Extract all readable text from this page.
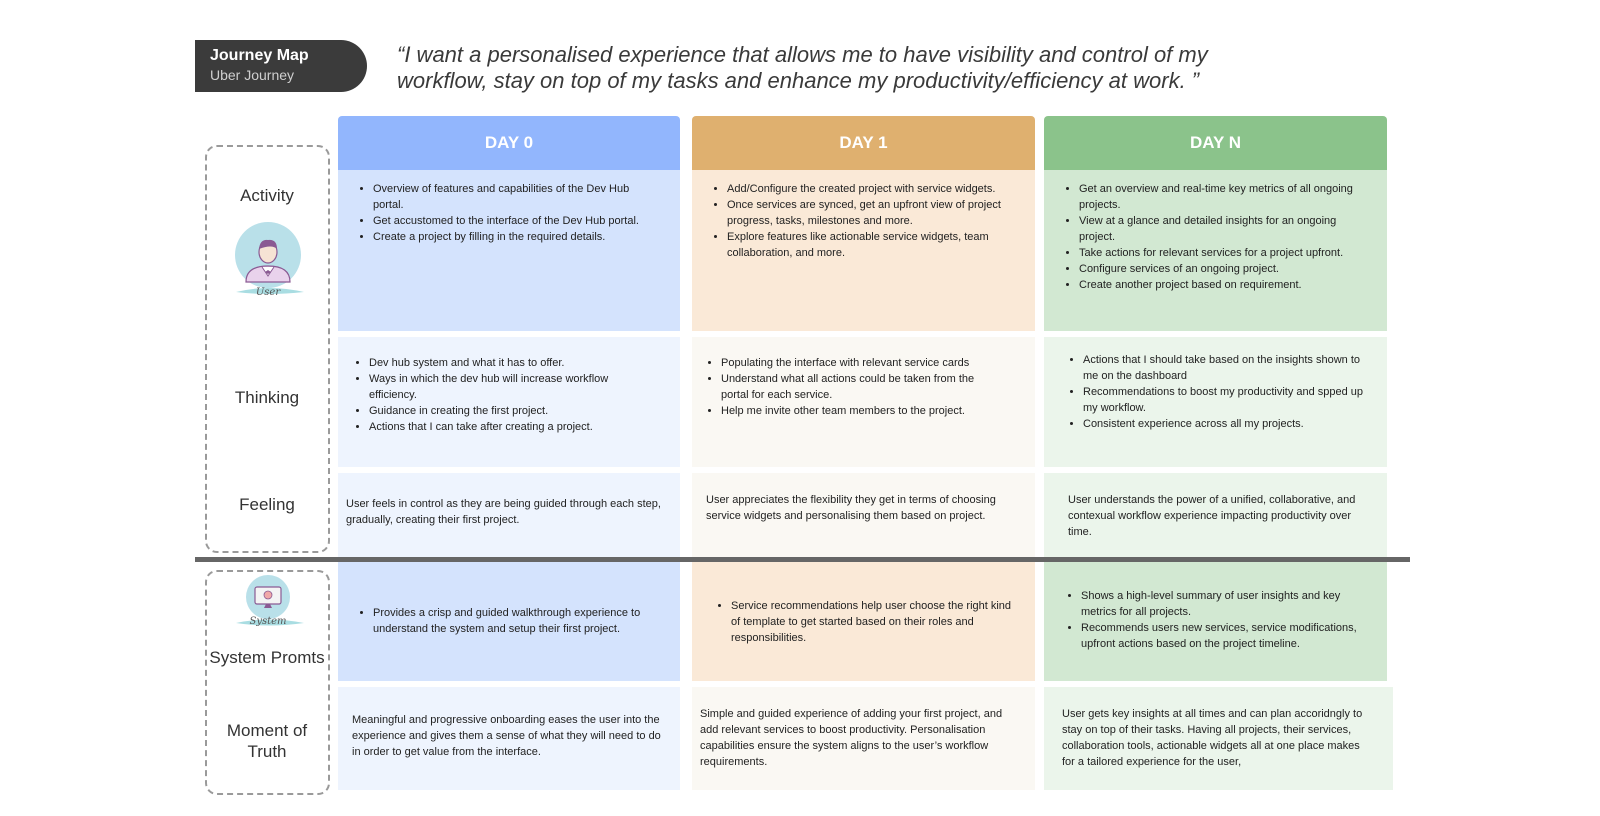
Journey Map
Uber Journey
“I want a personalised experience that allows me to have visibility and control of my
workflow, stay on top of my tasks and enhance my productivity/efficiency at work. ”
Activity
User
Thinking
Feeling
System
System Promts
Moment of
Truth
DAY 0	DAY 1	DAY N
• Overview of features and capabilities of the Dev Hub portal.
• Get accustomed to the interface of the Dev Hub portal.
• Create a project by filling in the required details.
• Dev hub system and what it has to offer.
• Ways in which the dev hub will increase workflow efficiency.
• Guidance in creating the first project.
• Actions that I can take after creating a project.

User feels in control as they are being guided through each step, gradually, creating their first project.

• Provides a crisp and guided walkthrough experience to understand the system and setup their first project.

Meaningful and progressive onboarding eases the user into the experience and gives them a sense of what they will need to do in order to get value from the interface.

• Add/Configure the created project with service widgets.
• Once services are synced, get an upfront view of project progress, tasks, milestones and more.
• Explore features like actionable service widgets, team collaboration, and more.
• Populating the interface with relevant service cards
• Understand what all actions could be taken from the portal for each service.
• Help me invite other team members to the project.

User appreciates the flexibility they get in terms of choosing service widgets and personalising them based on project.

• Service recommendations help user choose the right kind of template to get started based on their roles and responsibilities.

Simple and guided experience of adding your first project, and add relevant services to boost productivity. Personalisation capabilities ensure the system aligns to the user’s workflow requirements.

• Get an overview and real-time key metrics of all ongoing projects.
• View at a glance and detailed insights for an ongoing project.
• Take actions for relevant services for a project upfront.
• Configure services of an ongoing project.
• Create another project based on requirement.
• Actions that I should take based on the insights shown to me on the dashboard
• Recommendations to boost my productivity and spped up my workflow.
• Consistent experience across all my projects.

User understands the power of a unified, collaborative, and contexual workflow experience impacting productivity over time.

• Shows a high-level summary of user insights and key metrics for all projects.
• Recommends users new services, service modifications, upfront actions based on the project timeline.

User gets key insights at all times and can plan accoridngly to stay on top of their tasks. Having all projects, their services, collaboration tools, actionable widgets all at one place makes for a tailored experience for the user,
